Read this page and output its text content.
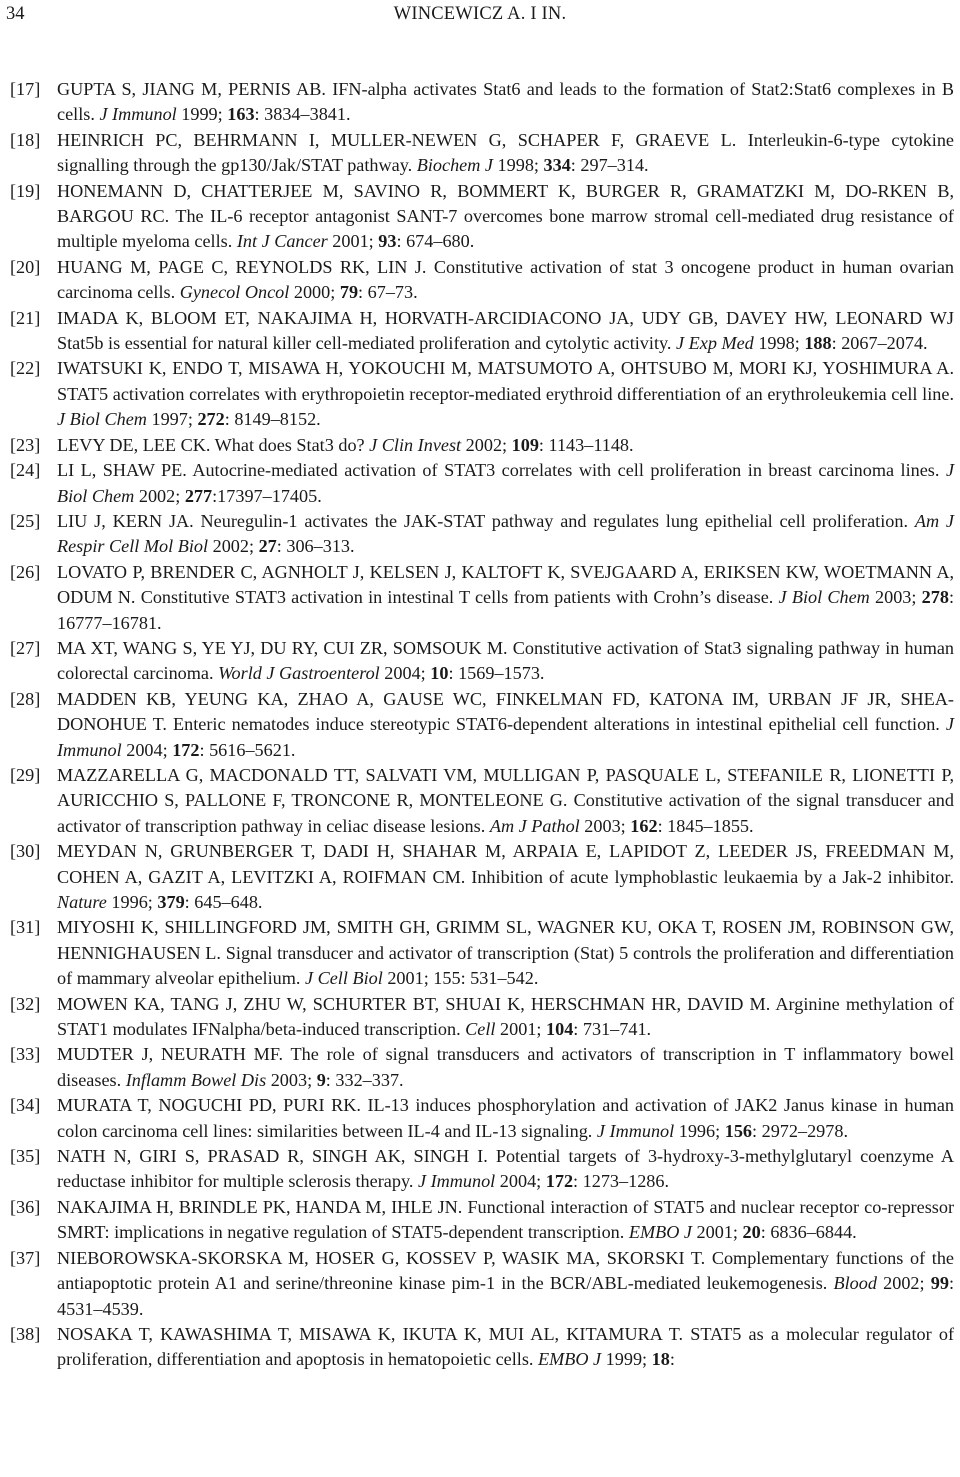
34	WINCEWICZ A. I IN.
[17] GUPTA S, JIANG M, PERNIS AB. IFN-alpha activates Stat6 and leads to the formation of Stat2:Stat6 complexes in B cells. J Immunol 1999; 163: 3834–3841.
[18] HEINRICH PC, BEHRMANN I, MULLER-NEWEN G, SCHAPER F, GRAEVE L. Interleukin-6-type cytokine signalling through the gp130/Jak/STAT pathway. Biochem J 1998; 334: 297–314.
[19] HONEMANN D, CHATTERJEE M, SAVINO R, BOMMERT K, BURGER R, GRAMATZKI M, DO-RKEN B, BARGOU RC. The IL-6 receptor antagonist SANT-7 overcomes bone marrow stromal cell-mediated drug resistance of multiple myeloma cells. Int J Cancer 2001; 93: 674–680.
[20] HUANG M, PAGE C, REYNOLDS RK, LIN J. Constitutive activation of stat 3 oncogene product in human ovarian carcinoma cells. Gynecol Oncol 2000; 79: 67–73.
[21] IMADA K, BLOOM ET, NAKAJIMA H, HORVATH-ARCIDIACONO JA, UDY GB, DAVEY HW, LEONARD WJ Stat5b is essential for natural killer cell-mediated proliferation and cytolytic activity. J Exp Med 1998; 188: 2067–2074.
[22] IWATSUKI K, ENDO T, MISAWA H, YOKOUCHI M, MATSUMOTO A, OHTSUBO M, MORI KJ, YOSHIMURA A. STAT5 activation correlates with erythropoietin receptor-mediated erythroid differentiation of an erythroleukemia cell line. J Biol Chem 1997; 272: 8149–8152.
[23] LEVY DE, LEE CK. What does Stat3 do? J Clin Invest 2002; 109: 1143–1148.
[24] LI L, SHAW PE. Autocrine-mediated activation of STAT3 correlates with cell proliferation in breast carcinoma lines. J Biol Chem 2002; 277:17397–17405.
[25] LIU J, KERN JA. Neuregulin-1 activates the JAK-STAT pathway and regulates lung epithelial cell proliferation. Am J Respir Cell Mol Biol 2002; 27: 306–313.
[26] LOVATO P, BRENDER C, AGNHOLT J, KELSEN J, KALTOFT K, SVEJGAARD A, ERIKSEN KW, WOETMANN A, ODUM N. Constitutive STAT3 activation in intestinal T cells from patients with Crohn’s disease. J Biol Chem 2003; 278: 16777–16781.
[27] MA XT, WANG S, YE YJ, DU RY, CUI ZR, SOMSOUK M. Constitutive activation of Stat3 signaling pathway in human colorectal carcinoma. World J Gastroenterol 2004; 10: 1569–1573.
[28] MADDEN KB, YEUNG KA, ZHAO A, GAUSE WC, FINKELMAN FD, KATONA IM, URBAN JF JR, SHEA-DONOHUE T. Enteric nematodes induce stereotypic STAT6-dependent alterations in intestinal epithelial cell function. J Immunol 2004; 172: 5616–5621.
[29] MAZZARELLA G, MACDONALD TT, SALVATI VM, MULLIGAN P, PASQUALE L, STEFANILE R, LIONETTI P, AURICCHIO S, PALLONE F, TRONCONE R, MONTELEONE G. Constitutive activation of the signal transducer and activator of transcription pathway in celiac disease lesions. Am J Pathol 2003; 162: 1845–1855.
[30] MEYDAN N, GRUNBERGER T, DADI H, SHAHAR M, ARPAIA E, LAPIDOT Z, LEEDER JS, FREEDMAN M, COHEN A, GAZIT A, LEVITZKI A, ROIFMAN CM. Inhibition of acute lymphoblastic leukaemia by a Jak-2 inhibitor. Nature 1996; 379: 645–648.
[31] MIYOSHI K, SHILLINGFORD JM, SMITH GH, GRIMM SL, WAGNER KU, OKA T, ROSEN JM, ROBINSON GW, HENNIGHAUSEN L. Signal transducer and activator of transcription (Stat) 5 controls the proliferation and differentiation of mammary alveolar epithelium. J Cell Biol 2001; 155: 531–542.
[32] MOWEN KA, TANG J, ZHU W, SCHURTER BT, SHUAI K, HERSCHMAN HR, DAVID M. Arginine methylation of STAT1 modulates IFNalpha/beta-induced transcription. Cell 2001; 104: 731–741.
[33] MUDTER J, NEURATH MF. The role of signal transducers and activators of transcription in T inflammatory bowel diseases. Inflamm Bowel Dis 2003; 9: 332–337.
[34] MURATA T, NOGUCHI PD, PURI RK. IL-13 induces phosphorylation and activation of JAK2 Janus kinase in human colon carcinoma cell lines: similarities between IL-4 and IL-13 signaling. J Immunol 1996; 156: 2972–2978.
[35] NATH N, GIRI S, PRASAD R, SINGH AK, SINGH I. Potential targets of 3-hydroxy-3-methylglutaryl coenzyme A reductase inhibitor for multiple sclerosis therapy. J Immunol 2004; 172: 1273–1286.
[36] NAKAJIMA H, BRINDLE PK, HANDA M, IHLE JN. Functional interaction of STAT5 and nuclear receptor co-repressor SMRT: implications in negative regulation of STAT5-dependent transcription. EMBO J 2001; 20: 6836–6844.
[37] NIEBOROWSKA-SKORSKA M, HOSER G, KOSSEV P, WASIK MA, SKORSKI T. Complementary functions of the antiapoptotic protein A1 and serine/threonine kinase pim-1 in the BCR/ABL-mediated leukemogenesis. Blood 2002; 99: 4531–4539.
[38] NOSAKA T, KAWASHIMA T, MISAWA K, IKUTA K, MUI AL, KITAMURA T. STAT5 as a molecular regulator of proliferation, differentiation and apoptosis in hematopoietic cells. EMBO J 1999; 18:
